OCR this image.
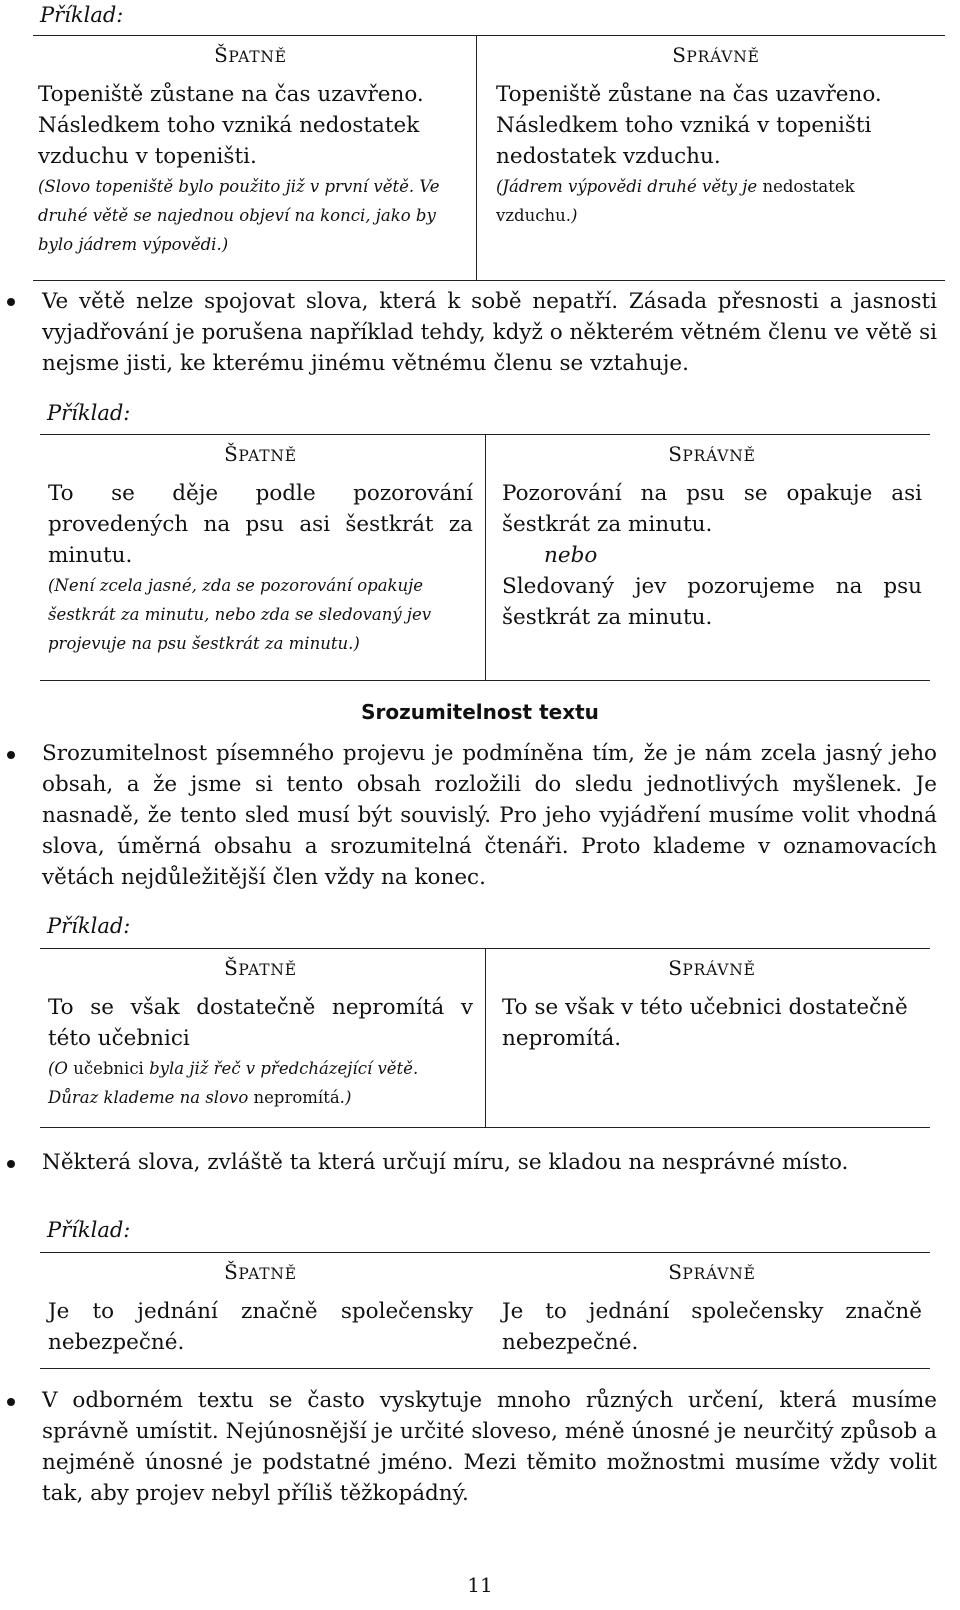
Příklad:
ŠPATNĚ
Topeniště zůstane na čas uzavřeno. Následkem toho vzniká nedostatek vzduchu v topeništi.
(Slovo topeniště bylo použito již v první větě. Ve druhé větě se najednou objeví na konci, jako by bylo jádrem výpovědi.)
SPRÁVNĚ
Topeniště zůstane na čas uzavřeno. Následkem toho vzniká v topeništi nedostatek vzduchu.
(Jádrem výpovědi druhé věty je nedostatek vzduchu.)
Ve větě nelze spojovat slova, která k sobě nepatří. Zásada přesnosti a jasnosti vyjadřování je porušena například tehdy, když o některém větném členu ve větě si nejsme jisti, ke kterému jinému větnému členu se vztahuje.
Příklad:
ŠPATNĚ
To se děje podle pozorování provedených na psu asi šestkrát za minutu.
(Není zcela jasné, zda se pozorování opakuje šestkrát za minutu, nebo zda se sledovaný jev projevuje na psu šestkrát za minutu.)
SPRÁVNĚ
Pozorování na psu se opakuje asi šestkrát za minutu.
nebo
Sledovaný jev pozorujeme na psu šestkrát za minutu.
Srozumitelnost textu
Srozumitelnost písemného projevu je podmíněna tím, že je nám zcela jasný jeho obsah, a že jsme si tento obsah rozložili do sledu jednotlivých myšlenek. Je nasnadě, že tento sled musí být souvislý. Pro jeho vyjádření musíme volit vhodná slova, úměrná obsahu a srozumitelná čtenáři. Proto klademe v oznamovacích větách nejdůležitější člen vždy na konec.
Příklad:
ŠPATNĚ
To se však dostatečně nepromítá v této učebnici
(O učebnici byla již řeč v předcházející větě. Důraz klademe na slovo nepromítá.)
SPRÁVNĚ
To se však v této učebnici dostatečně nepromítá.
Některá slova, zvláště ta která určují míru, se kladou na nesprávné místo.
Příklad:
ŠPATNĚ
Je to jednání značně společensky nebezpečné.
SPRÁVNĚ
Je to jednání společensky značně nebezpečné.
V odborném textu se často vyskytuje mnoho různých určení, která musíme správně umístit. Nejúnosnější je určité sloveso, méně únosné je neurčitý způsob a nejméně únosné je podstatné jméno. Mezi těmito možnostmi musíme vždy volit tak, aby projev nebyl příliš těžkopádný.
11
